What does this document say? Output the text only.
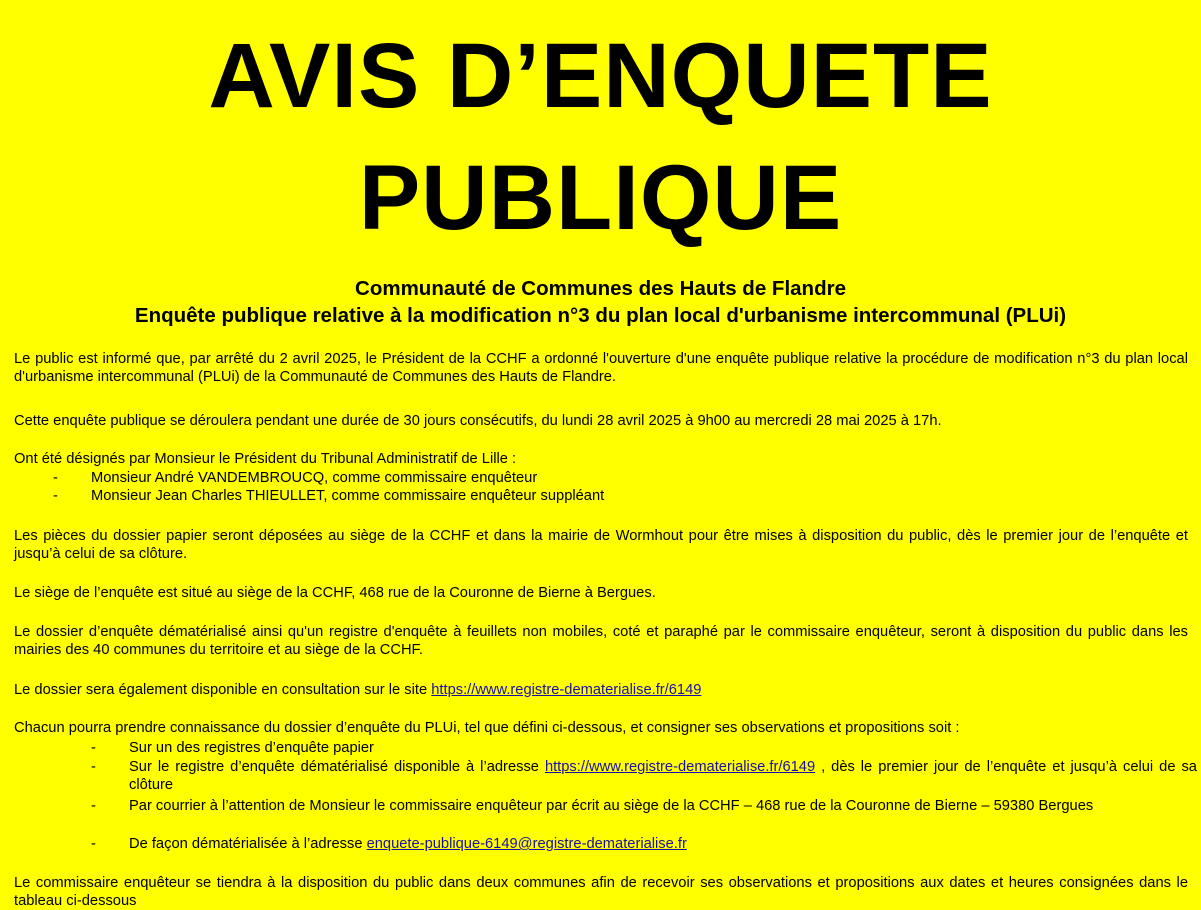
AVIS D’ENQUETE
PUBLIQUE
Communauté de Communes des Hauts de Flandre
Enquête publique relative à la modification n°3 du plan local d'urbanisme intercommunal (PLUi)

Le public est informé que, par arrêté du 2 avril 2025, le Président de la CCHF a ordonné l'ouverture d'une enquête publique relative la procédure de modification n°3 du plan local d'urbanisme intercommunal (PLUi) de la Communauté de Communes des Hauts de Flandre.

Cette enquête publique se déroulera pendant une durée de 30 jours consécutifs, du lundi 28 avril 2025 à 9h00 au mercredi 28 mai 2025 à 17h.

Ont été désignés par Monsieur le Président du Tribunal Administratif de Lille :

- Monsieur André VANDEMBROUCQ, comme commissaire enquêteur
- Monsieur Jean Charles THIEULLET, comme commissaire enquêteur suppléant

Les pièces du dossier papier seront déposées au siège de la CCHF et dans la mairie de Wormhout pour être mises à disposition du public, dès le premier jour de l’enquête et jusqu’à celui de sa clôture.

Le siège de l’enquête est situé au siège de la CCHF, 468 rue de la Couronne de Bierne à Bergues.

Le dossier d’enquête dématérialisé ainsi qu'un registre d'enquête à feuillets non mobiles, coté et paraphé par le commissaire enquêteur, seront à disposition du public dans les mairies des 40 communes du territoire et au siège de la CCHF.

Le dossier sera également disponible en consultation sur le site https://www.registre-dematerialise.fr/6149

Chacun pourra prendre connaissance du dossier d’enquête du PLUi, tel que défini ci-dessous, et consigner ses observations et propositions soit :

- Sur un des registres d’enquête papier
- Sur le registre d’enquête dématérialisé disponible à l’adresse https://www.registre-dematerialise.fr/6149 , dès le premier jour de l’enquête et jusqu’à celui de sa clôture
- Par courrier à l’attention de Monsieur le commissaire enquêteur par écrit au siège de la CCHF – 468 rue de la Couronne de Bierne – 59380 Bergues
- De façon dématérialisée à l’adresse enquete-publique-6149@registre-dematerialise.fr

Le commissaire enquêteur se tiendra à la disposition du public dans deux communes afin de recevoir ses observations et propositions aux dates et heures consignées dans le tableau ci-dessous
